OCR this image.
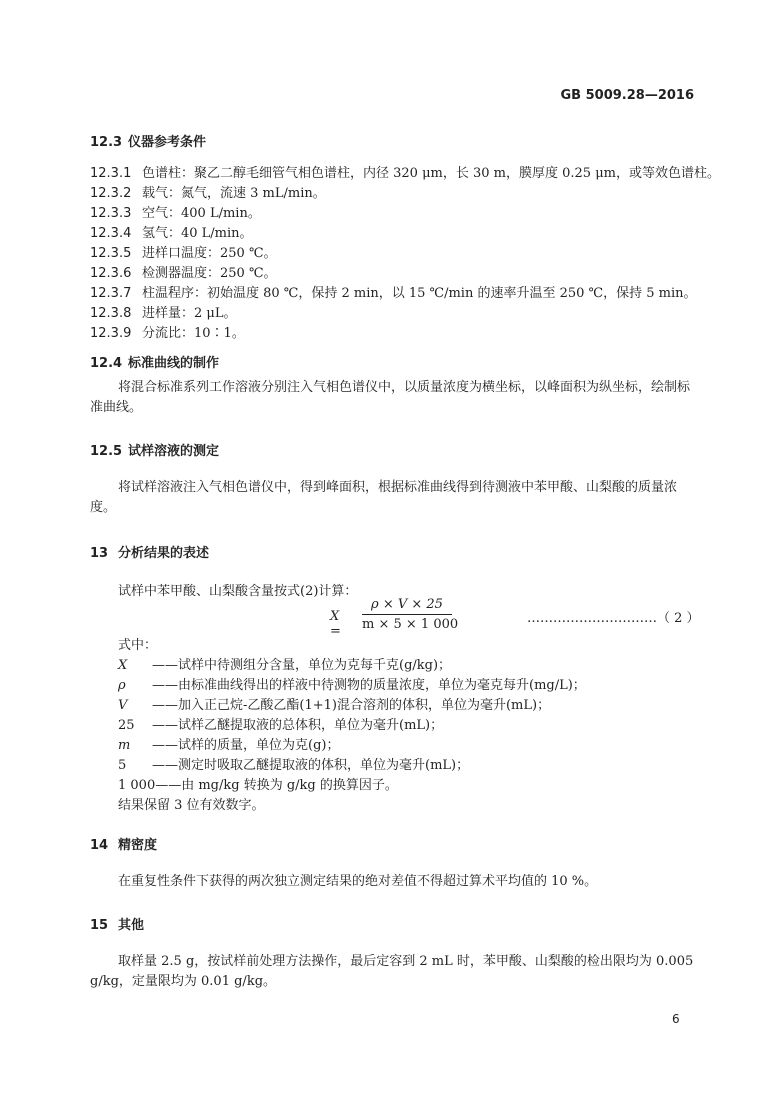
GB 5009.28—2016
12.3 仪器参考条件
12.3.1 色谱柱：聚乙二醇毛细管气相色谱柱，内径 320 μm，长 30 m，膜厚度 0.25 μm，或等效色谱柱。
12.3.2 载气：氮气，流速 3 mL/min。
12.3.3 空气：400 L/min。
12.3.4 氢气：40 L/min。
12.3.5 进样口温度：250 ℃。
12.3.6 检测器温度：250 ℃。
12.3.7 柱温程序：初始温度 80 ℃，保持 2 min，以 15 ℃/min 的速率升温至 250 ℃，保持 5 min。
12.3.8 进样量：2 μL。
12.3.9 分流比：10∶1。
12.4 标准曲线的制作
将混合标准系列工作溶液分别注入气相色谱仪中，以质量浓度为横坐标，以峰面积为纵坐标，绘制标准曲线。
12.5 试样溶液的测定
将试样溶液注入气相色谱仪中，得到峰面积，根据标准曲线得到待测液中苯甲酸、山梨酸的质量浓度。
13 分析结果的表述
试样中苯甲酸、山梨酸含量按式(2)计算：
$X = \frac{\rho \times V \times 25}{m \times 5 \times 1 000}$	…………………………（ 2 ）
式中：
X ——试样中待测组分含量，单位为克每千克(g/kg)；
ρ ——由标准曲线得出的样液中待测物的质量浓度，单位为毫克每升(mg/L)；
V ——加入正己烷-乙酸乙酯(1+1)混合溶剂的体积，单位为毫升(mL)；
25 ——试样乙醚提取液的总体积，单位为毫升(mL)；
m ——试样的质量，单位为克(g)；
5 ——测定时吸取乙醚提取液的体积，单位为毫升(mL)；
1 000——由 mg/kg 转换为 g/kg 的换算因子。
结果保留 3 位有效数字。
14 精密度
在重复性条件下获得的两次独立测定结果的绝对差值不得超过算术平均值的 10 %。
15 其他
取样量 2.5 g，按试样前处理方法操作，最后定容到 2 mL 时，苯甲酸、山梨酸的检出限均为 0.005 g/kg，定量限均为 0.01 g/kg。
6
